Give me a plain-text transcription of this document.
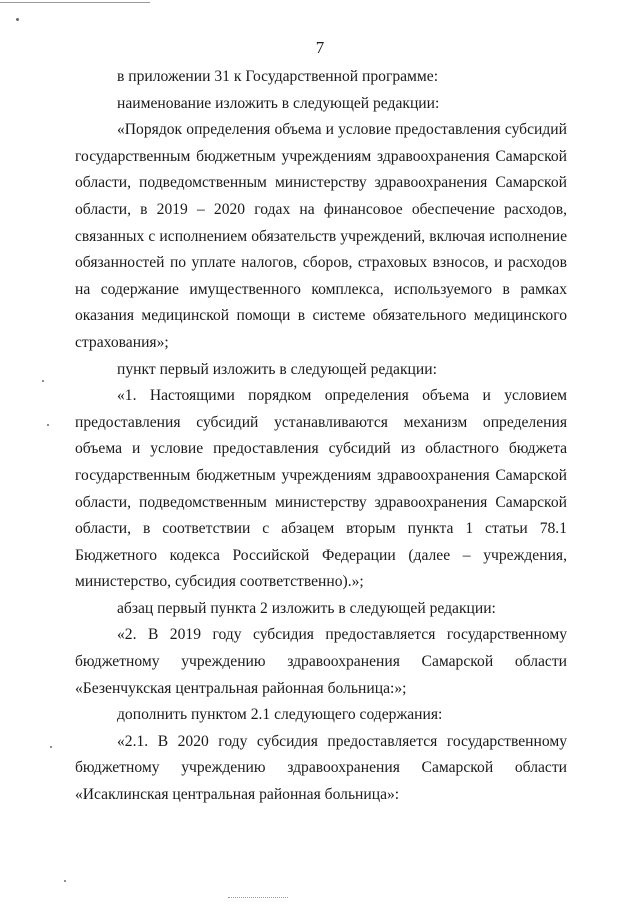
7

в приложении 31 к Государственной программе:

наименование изложить в следующей редакции:

«Порядок определения объема и условие предоставления субсидий государственным бюджетным учреждениям здравоохранения Самарской области, подведомственным министерству здравоохранения Самарской области, в 2019 – 2020 годах на финансовое обеспечение расходов, связанных с исполнением обязательств учреждений, включая исполнение обязанностей по уплате налогов, сборов, страховых взносов, и расходов на содержание имущественного комплекса, используемого в рамках оказания медицинской помощи в системе обязательного медицинского страхования»;

пункт первый изложить в следующей редакции:

«1. Настоящими порядком определения объема и условием предоставления субсидий устанавливаются механизм определения объема и условие предоставления субсидий из областного бюджета государственным бюджетным учреждениям здравоохранения Самарской области, подведомственным министерству здравоохранения Самарской области, в соответствии с абзацем вторым пункта 1 статьи 78.1 Бюджетного кодекса Российской Федерации (далее – учреждения, министерство, субсидия соответственно).»;

абзац первый пункта 2 изложить в следующей редакции:

«2. В 2019 году субсидия предоставляется государственному бюджетному учреждению здравоохранения Самарской области «Безенчукская центральная районная больница:»;

дополнить пунктом 2.1 следующего содержания:

«2.1. В 2020 году субсидия предоставляется государственному бюджетному учреждению здравоохранения Самарской области «Исаклинская центральная районная больница»:
